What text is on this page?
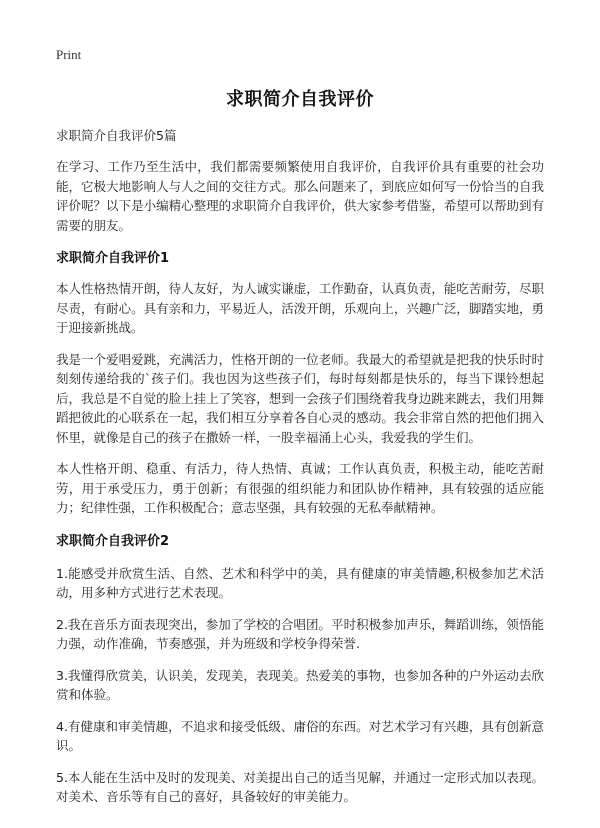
Print
求职简介自我评价

求职简介自我评价5篇

在学习、工作乃至生活中，我们都需要频繁使用自我评价，自我评价具有重要的社会功能，它极大地影响人与人之间的交往方式。那么问题来了，到底应如何写一份恰当的自我评价呢？以下是小编精心整理的求职简介自我评价，供大家参考借鉴，希望可以帮助到有需要的朋友。

求职简介自我评价1

本人性格热情开朗，待人友好，为人诚实谦虚，工作勤奋，认真负责，能吃苦耐劳，尽职尽责，有耐心。具有亲和力，平易近人，活泼开朗，乐观向上，兴趣广泛，脚踏实地，勇于迎接新挑战。

我是一个爱唱爱跳，充满活力，性格开朗的一位老师。我最大的希望就是把我的快乐时时刻刻传递给我的`孩子们。我也因为这些孩子们，每时每刻都是快乐的，每当下课铃想起后，我总是不自觉的脸上挂上了笑容，想到一会孩子们围绕着我身边跳来跳去，我们用舞蹈把彼此的心联系在一起，我们相互分享着各自心灵的感动。我会非常自然的把他们拥入怀里，就像是自己的孩子在撒娇一样，一股幸福涌上心头，我爱我的学生们。

本人性格开朗、稳重、有活力，待人热情、真诚；工作认真负责，积极主动，能吃苦耐劳，用于承受压力，勇于创新；有很强的组织能力和团队协作精神，具有较强的适应能力；纪律性强，工作积极配合；意志坚强，具有较强的无私奉献精神。

求职简介自我评价2

1.能感受并欣赏生活、自然、艺术和科学中的美，具有健康的审美情趣,积极参加艺术活动，用多种方式进行艺术表现。

2.我在音乐方面表现突出，参加了学校的合唱团。平时积极参加声乐，舞蹈训练，领悟能力强，动作准确，节奏感强，并为班级和学校争得荣誉.

3.我懂得欣赏美，认识美，发现美，表现美。热爱美的事物，也参加各种的户外运动去欣赏和体验。

4.有健康和审美情趣，不追求和接受低级、庸俗的东西。对艺术学习有兴趣，具有创新意识。

5.本人能在生活中及时的发现美、对美提出自己的适当见解，并通过一定形式加以表现。对美术、音乐等有自己的喜好，具备较好的审美能力。
